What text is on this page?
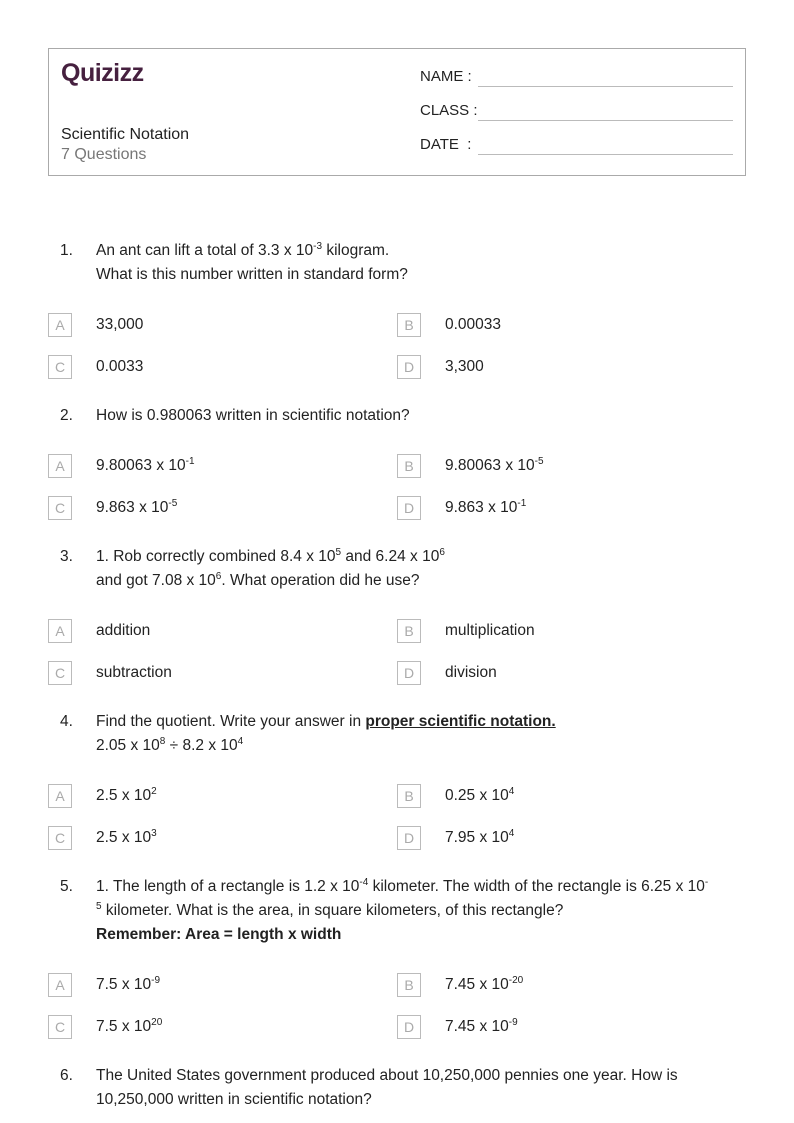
Quizizz
Scientific Notation
7 Questions
NAME :
CLASS :
DATE  :
1. An ant can lift a total of 3.3 x $10^{-3}$ kilogram.
What is this number written in standard form?
A	33,000	B	0.00033
C	0.0033	D	3,300
2. How is 0.980063 written in scientific notation?
A	9.80063 x $10^{-1}$	B	9.80063 x $10^{-5}$
C	9.863 x $10^{-5}$	D	9.863 x $10^{-1}$
3. 1. Rob correctly combined 8.4 x $10^5$ and 6.24 x $10^6$
and got 7.08 x $10^6$. What operation did he use?
A	addition	B	multiplication
C	subtraction	D	division
4. Find the quotient. Write your answer in proper scientific notation.
2.05 x $10^8 \div 8.2$ x $10^4$
A	2.5 x $10^2$	B	0.25 x $10^4$
C	2.5 x $10^3$	D	7.95 x $10^4$
5. 1. The length of a rectangle is 1.2 x $10^{-4}$ kilometer. The width of the rectangle is 6.25 x 10-
$^5$ kilometer. What is the area, in square kilometers, of this rectangle?
Remember: Area = length x width
A	7.5 x $10^{-9}$	B	7.45 x $10^{-20}$
C	7.5 x $10^{20}$	D	7.45 x $10^{-9}$
6. The United States government produced about 10,250,000 pennies one year. How is
10,250,000 written in scientific notation?
